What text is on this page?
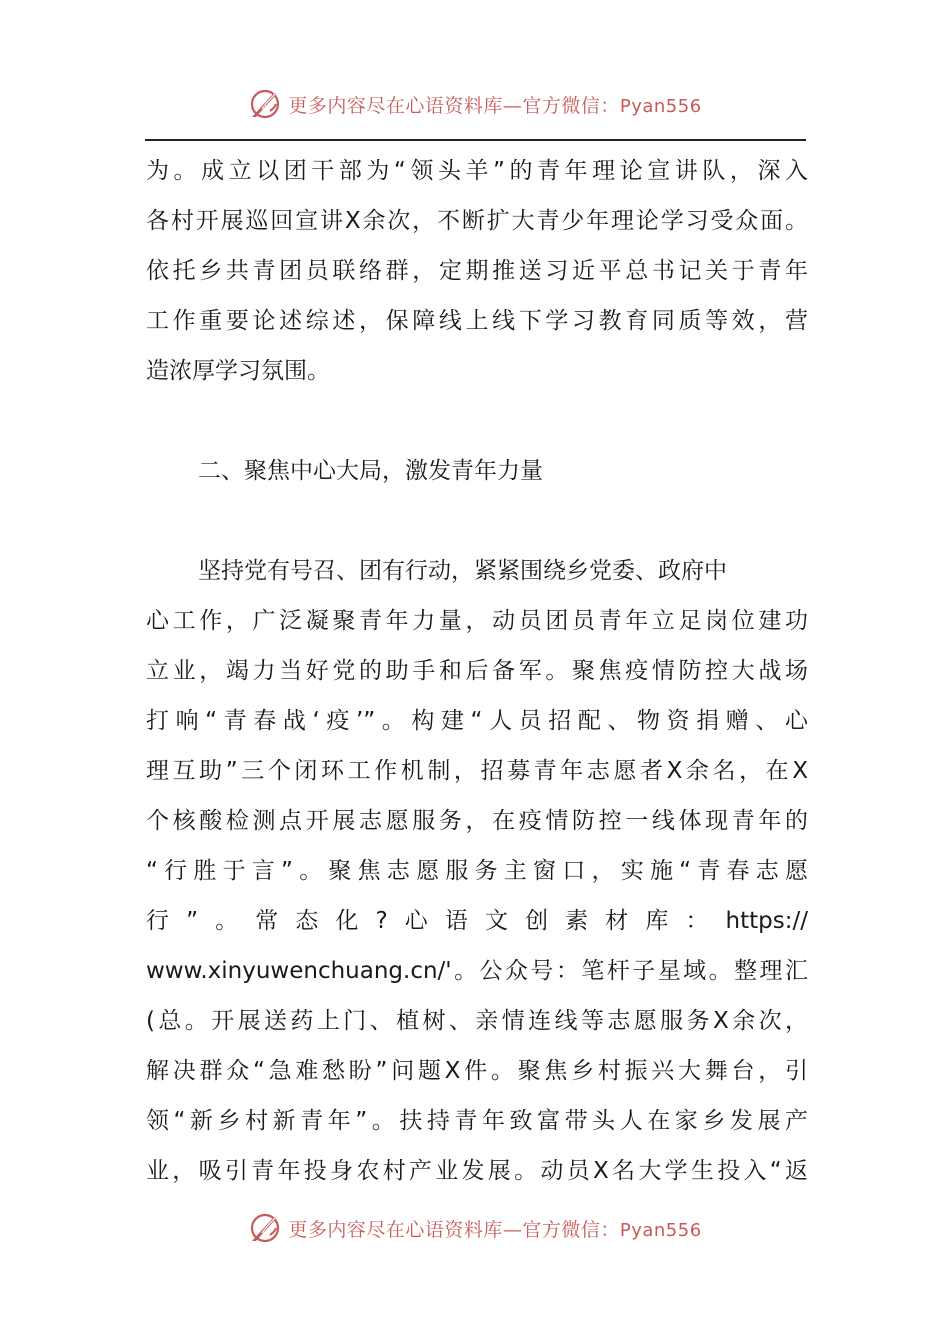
更多内容尽在心语资料库—官方微信：Pyan556
为。成立以团干部为“领头羊”的青年理论宣讲队，深入
各村开展巡回宣讲X余次，不断扩大青少年理论学习受众面。
依托乡共青团员联络群，定期推送习近平总书记关于青年
工作重要论述综述，保障线上线下学习教育同质等效，营
造浓厚学习氛围。
二、聚焦中心大局，激发青年力量
坚持党有号召、团有行动，紧紧围绕乡党委、政府中
心工作，广泛凝聚青年力量，动员团员青年立足岗位建功
立业，竭力当好党的助手和后备军。聚焦疫情防控大战场
打响“青春战‘疫’”。构建“人员招配、物资捐赠、心
理互助”三个闭环工作机制，招募青年志愿者X余名，在X
个核酸检测点开展志愿服务，在疫情防控一线体现青年的
“行胜于言”。聚焦志愿服务主窗口，实施“青春志愿
行”。常态化?心语文创素材库：https://
www.xinyuwenchuang.cn/'。公众号：笔杆子星域。整理汇
(总。开展送药上门、植树、亲情连线等志愿服务X余次，
解决群众“急难愁盼”问题X件。聚焦乡村振兴大舞台，引
领“新乡村新青年”。扶持青年致富带头人在家乡发展产
业，吸引青年投身农村产业发展。动员X名大学生投入“返
更多内容尽在心语资料库—官方微信：Pyan556
